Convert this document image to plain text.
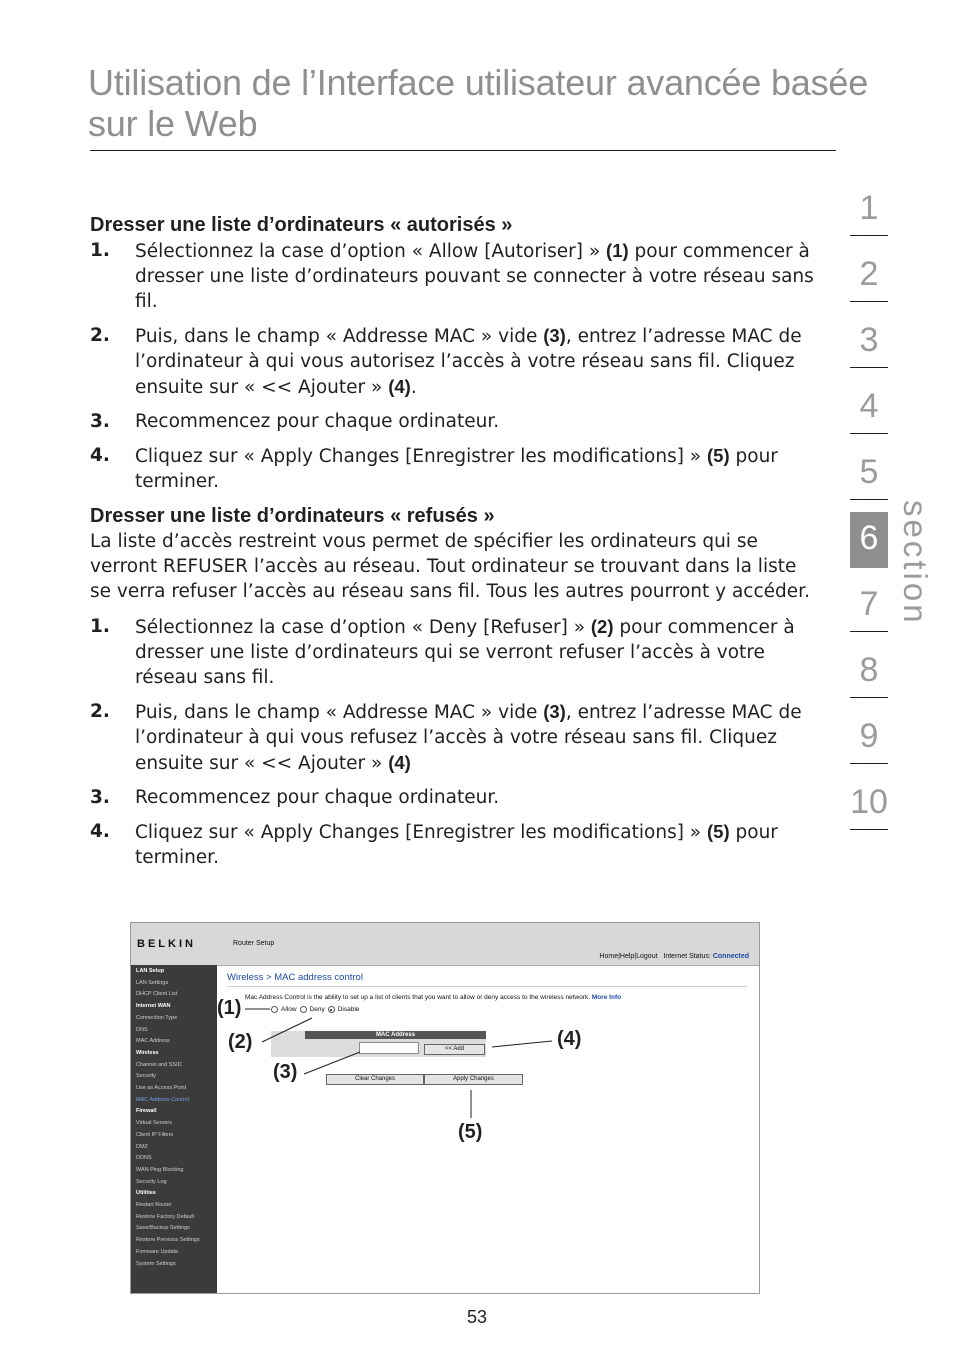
Utilisation de l’Interface utilisateur avancée basée sur le Web

Dresser une liste d’ordinateurs « autorisés »

1. Sélectionnez la case d’option « Allow [Autoriser] » (1) pour commencer à dresser une liste d’ordinateurs pouvant se connecter à votre réseau sans fil.
2. Puis, dans le champ « Addresse MAC » vide (3), entrez l’adresse MAC de l’ordinateur à qui vous autorisez l’accès à votre réseau sans fil. Cliquez ensuite sur « << Ajouter » (4).
3. Recommencez pour chaque ordinateur.
4. Cliquez sur « Apply Changes [Enregistrer les modifications] » (5) pour terminer.

Dresser une liste d’ordinateurs « refusés »

La liste d’accès restreint vous permet de spécifier les ordinateurs qui se verront REFUSER l’accès au réseau. Tout ordinateur se trouvant dans la liste se verra refuser l’accès au réseau sans fil. Tous les autres pourront y accéder.

1. Sélectionnez la case d’option « Deny [Refuser] » (2) pour commencer à dresser une liste d’ordinateurs qui se verront refuser l’accès à votre réseau sans fil.
2. Puis, dans le champ « Addresse MAC » vide (3), entrez l’adresse MAC de l’ordinateur à qui vous refusez l’accès à votre réseau sans fil. Cliquez ensuite sur « << Ajouter » (4)
3. Recommencez pour chaque ordinateur.
4. Cliquez sur « Apply Changes [Enregistrer les modifications] » (5) pour terminer.
1
2
3
4
5
6
7
8
9
10
section
BELKIN	Router Setup
Home|Help|Logout Internet Status: Connected
LAN Setup
LAN Settings
DHCP Client List
Internet WAN
Connection Type
DNS
MAC Address
Wireless
Channel and SSID
Security
Use as Access Point
MAC Address Control
Firewall
Virtual Servers
Client IP Filters
DMZ
DDNS
WAN Ping Blocking
Security Log
Utilities
Restart Router
Restore Factory Default
Save/Backup Settings
Restore Previous Settings
Firmware Update
System Settings
Wireless > MAC address control
Mac Address Control is the ability to set up a list of clients that you want to allow or deny access to the wireless network. More Info
Allow Deny Disable
MAC Address
<< Add
Clear Changes	Apply Changes
(1)
(2)
(3)
(4)
(5)
53
